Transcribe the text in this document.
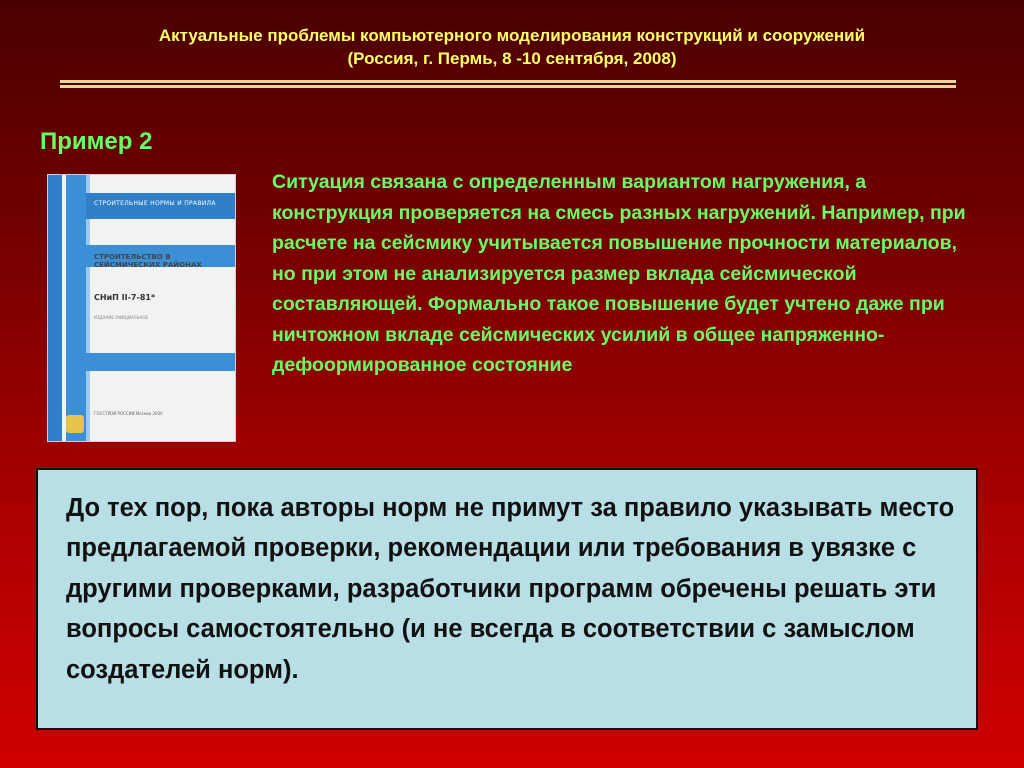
Актуальные проблемы компьютерного моделирования конструкций и сооружений
(Россия, г. Пермь, 8 -10 сентября, 2008)
Пример 2
СТРОИТЕЛЬНЫЕ НОРМЫ И ПРАВИЛА
СТРОИТЕЛЬСТВО В СЕЙСМИЧЕСКИХ РАЙОНАХ
СНиП II-7-81*
ИЗДАНИЕ ОФИЦИАЛЬНОЕ
ГОССТРОЙ РОССИИ Москва 2000
Ситуация связана с определенным вариантом нагружения, а конструкция проверяется на смесь разных нагружений. Например, при расчете на сейсмику учитывается повышение прочности материалов, но при этом не анализируется размер вклада сейсмической составляющей. Формально такое повышение будет учтено даже при ничтожном вкладе сейсмических усилий в общее напряженно-дефоормированное состояние
До тех пор, пока авторы норм не примут за правило указывать место предлагаемой проверки, рекомендации или требования в увязке с другими проверками, разработчики программ обречены решать эти вопросы самостоятельно (и не всегда в соответствии с замыслом создателей норм).
